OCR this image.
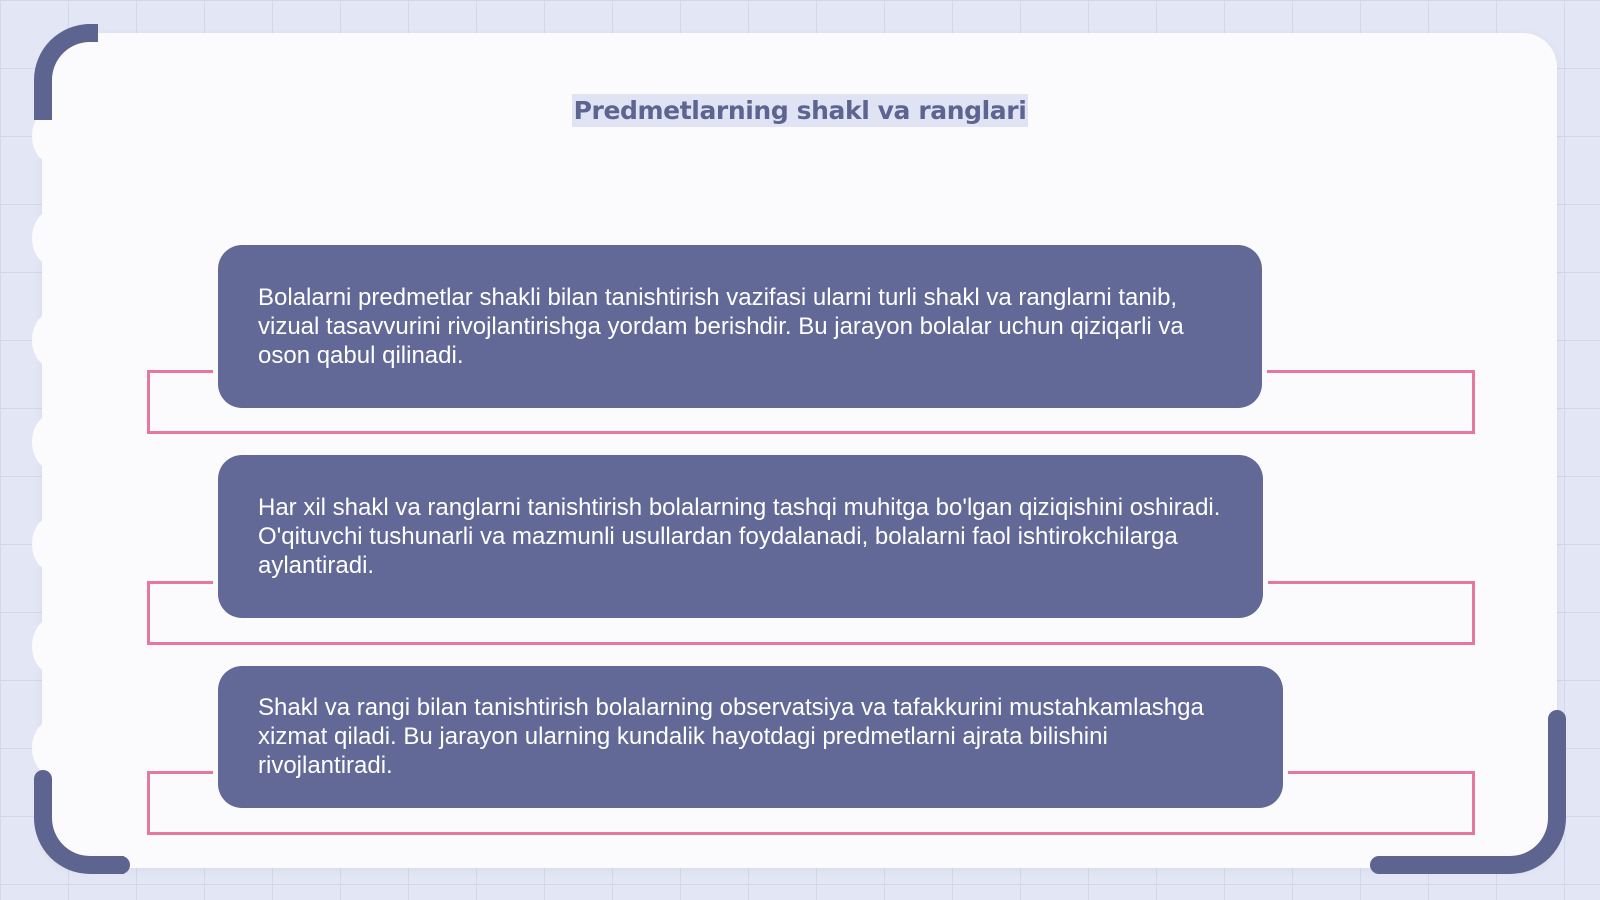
Predmetlarning shakl va ranglari

Bolalarni predmetlar shakli bilan tanishtirish vazifasi ularni turli shakl va ranglarni tanib, vizual tasavvurini rivojlantirishga yordam berishdir. Bu jarayon bolalar uchun qiziqarli va oson qabul qilinadi.

Har xil shakl va ranglarni tanishtirish bolalarning tashqi muhitga bo'lgan qiziqishini oshiradi. O'qituvchi tushunarli va mazmunli usullardan foydalanadi, bolalarni faol ishtirokchilarga aylantiradi.

Shakl va rangi bilan tanishtirish bolalarning observatsiya va tafakkurini mustahkamlashga xizmat qiladi. Bu jarayon ularning kundalik hayotdagi predmetlarni ajrata bilishini rivojlantiradi.
